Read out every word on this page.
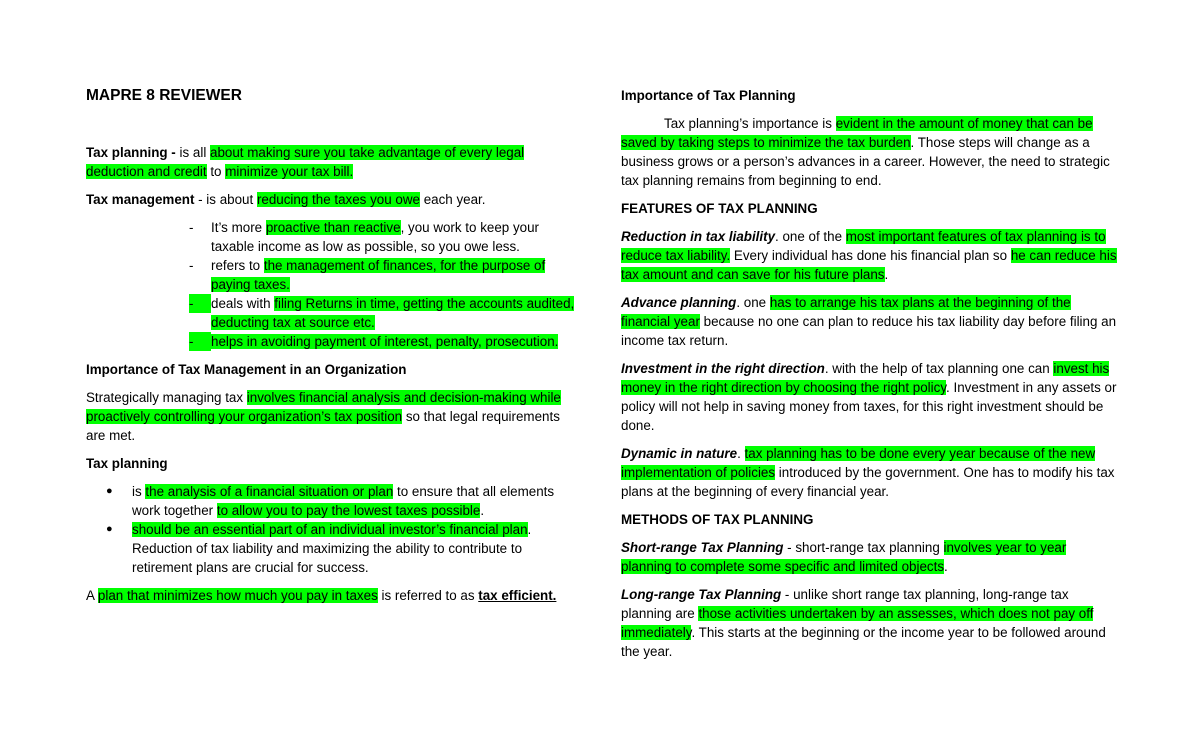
MAPRE 8 REVIEWER

Tax planning - is all about making sure you take advantage of every legal deduction and credit to minimize your tax bill.

Tax management - is about reducing the taxes you owe each year.

- It’s more proactive than reactive, you work to keep your taxable income as low as possible, so you owe less.
- refers to the management of finances, for the purpose of paying taxes.
-	deals with filing Returns in time, getting the accounts audited, deducting tax at source etc.
-	helps in avoiding payment of interest, penalty, prosecution.

Importance of Tax Management in an Organization

Strategically managing tax involves financial analysis and decision-making while proactively controlling your organization’s tax position so that legal requirements are met.

Tax planning

● is the analysis of a financial situation or plan to ensure that all elements work together to allow you to pay the lowest taxes possible.
● should be an essential part of an individual investor’s financial plan. Reduction of tax liability and maximizing the ability to contribute to retirement plans are crucial for success.

A plan that minimizes how much you pay in taxes is referred to as tax efficient.

Importance of Tax Planning

Tax planning’s importance is evident in the amount of money that can be saved by taking steps to minimize the tax burden. Those steps will change as a business grows or a person’s advances in a career. However, the need to strategic tax planning remains from beginning to end.

FEATURES OF TAX PLANNING

Reduction in tax liability. one of the most important features of tax planning is to reduce tax liability. Every individual has done his financial plan so he can reduce his tax amount and can save for his future plans.

Advance planning. one has to arrange his tax plans at the beginning of the financial year because no one can plan to reduce his tax liability day before filing an income tax return.

Investment in the right direction. with the help of tax planning one can invest his money in the right direction by choosing the right policy. Investment in any assets or policy will not help in saving money from taxes, for this right investment should be done.

Dynamic in nature. tax planning has to be done every year because of the new implementation of policies introduced by the government. One has to modify his tax plans at the beginning of every financial year.

METHODS OF TAX PLANNING

Short-range Tax Planning - short-range tax planning involves year to year planning to complete some specific and limited objects.

Long-range Tax Planning - unlike short range tax planning, long-range tax planning are those activities undertaken by an assesses, which does not pay off immediately. This starts at the beginning or the income year to be followed around the year.
